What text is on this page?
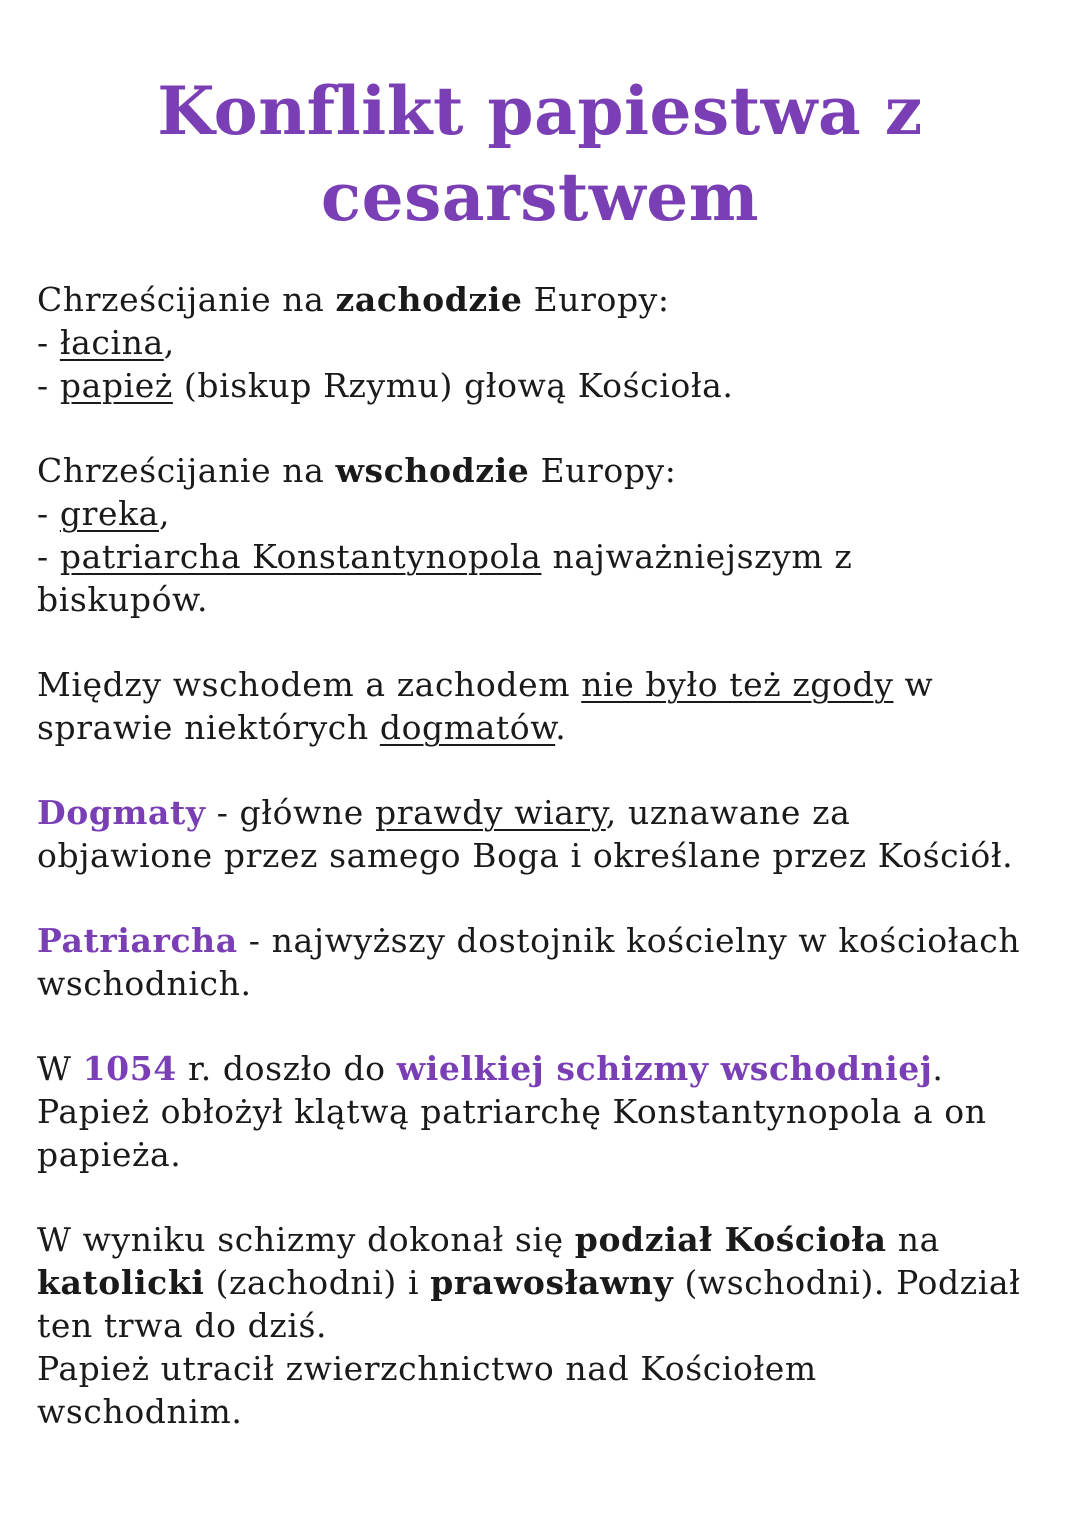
Konflikt papiestwa z
cesarstwem

Chrześcijanie na zachodzie Europy:
- łacina,
- papież (biskup Rzymu) głową Kościoła.

Chrześcijanie na wschodzie Europy:
- greka,
- patriarcha Konstantynopola najważniejszym z
biskupów.

Między wschodem a zachodem nie było też zgody w
sprawie niektórych dogmatów.

Dogmaty - główne prawdy wiary, uznawane za
objawione przez samego Boga i określane przez Kościół.

Patriarcha - najwyższy dostojnik kościelny w kościołach
wschodnich.

W 1054 r. doszło do wielkiej schizmy wschodniej.
Papież obłożył klątwą patriarchę Konstantynopola a on
papieża.

W wyniku schizmy dokonał się podział Kościoła na
katolicki (zachodni) i prawosławny (wschodni). Podział
ten trwa do dziś.
Papież utracił zwierzchnictwo nad Kościołem
wschodnim.
